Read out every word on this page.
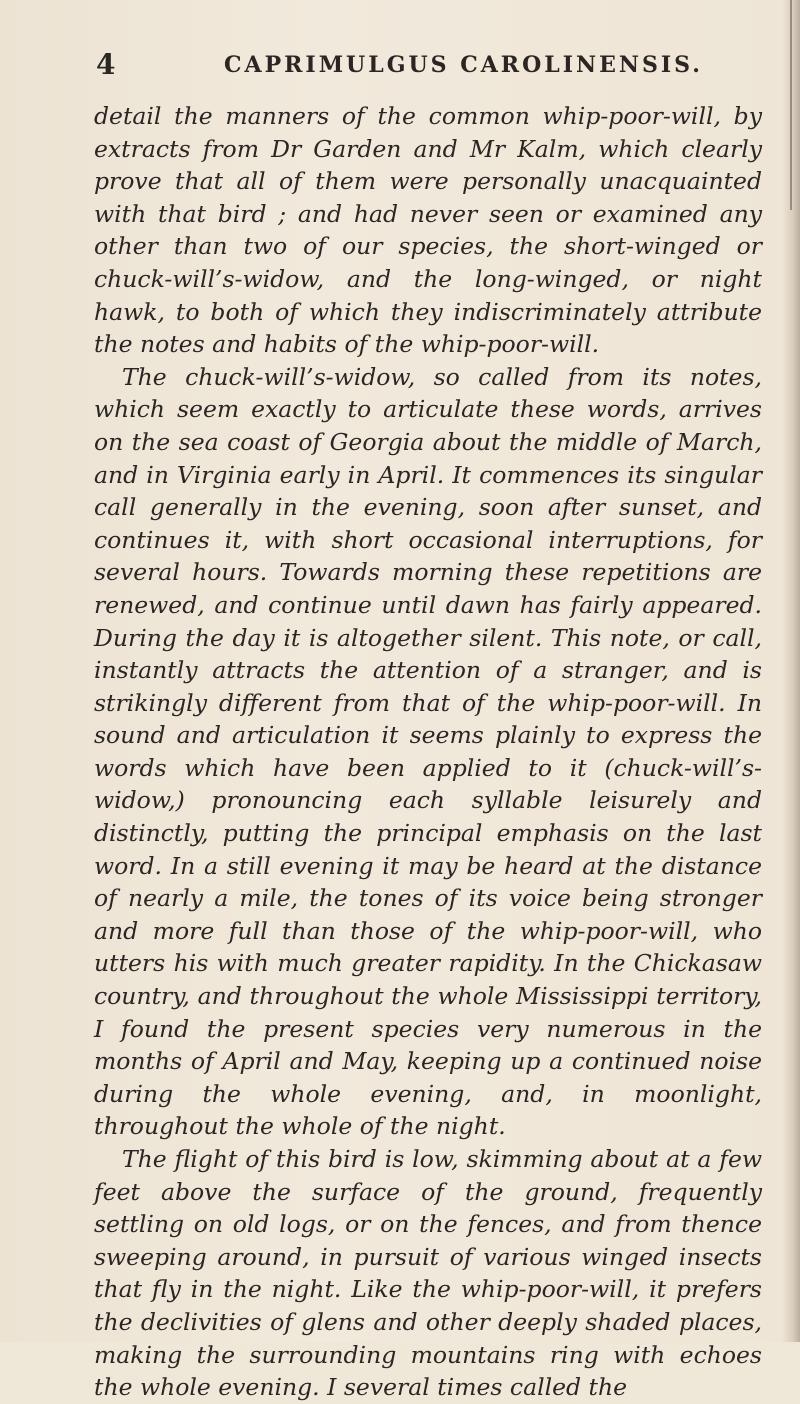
4	CAPRIMULGUS CAROLINENSIS.

detail the manners of the common whip-poor-will, by extracts from Dr Garden and Mr Kalm, which clearly prove that all of them were personally unacquainted with that bird ; and had never seen or examined any other than two of our species, the short-winged or chuck-will’s-widow, and the long-winged, or night hawk, to both of which they indiscriminately attribute the notes and habits of the whip-poor-will.

The chuck-will’s-widow, so called from its notes, which seem exactly to articulate these words, arrives on the sea coast of Georgia about the middle of March, and in Virginia early in April. It commences its singular call generally in the evening, soon after sunset, and continues it, with short occasional interruptions, for several hours. Towards morning these repetitions are renewed, and continue until dawn has fairly appeared. During the day it is altogether silent. This note, or call, instantly attracts the attention of a stranger, and is strikingly different from that of the whip-poor-will. In sound and articulation it seems plainly to express the words which have been applied to it (chuck-will’s-widow,) pronouncing each syllable leisurely and distinctly, putting the principal emphasis on the last word. In a still evening it may be heard at the distance of nearly a mile, the tones of its voice being stronger and more full than those of the whip-poor-will, who utters his with much greater rapidity. In the Chickasaw country, and throughout the whole Mississippi territory, I found the present species very numerous in the months of April and May, keeping up a continued noise during the whole evening, and, in moonlight, throughout the whole of the night.

The flight of this bird is low, skimming about at a few feet above the surface of the ground, frequently settling on old logs, or on the fences, and from thence sweeping around, in pursuit of various winged insects that fly in the night. Like the whip-poor-will, it prefers the declivities of glens and other deeply shaded places, making the surrounding mountains ring with echoes the whole evening. I several times called the
